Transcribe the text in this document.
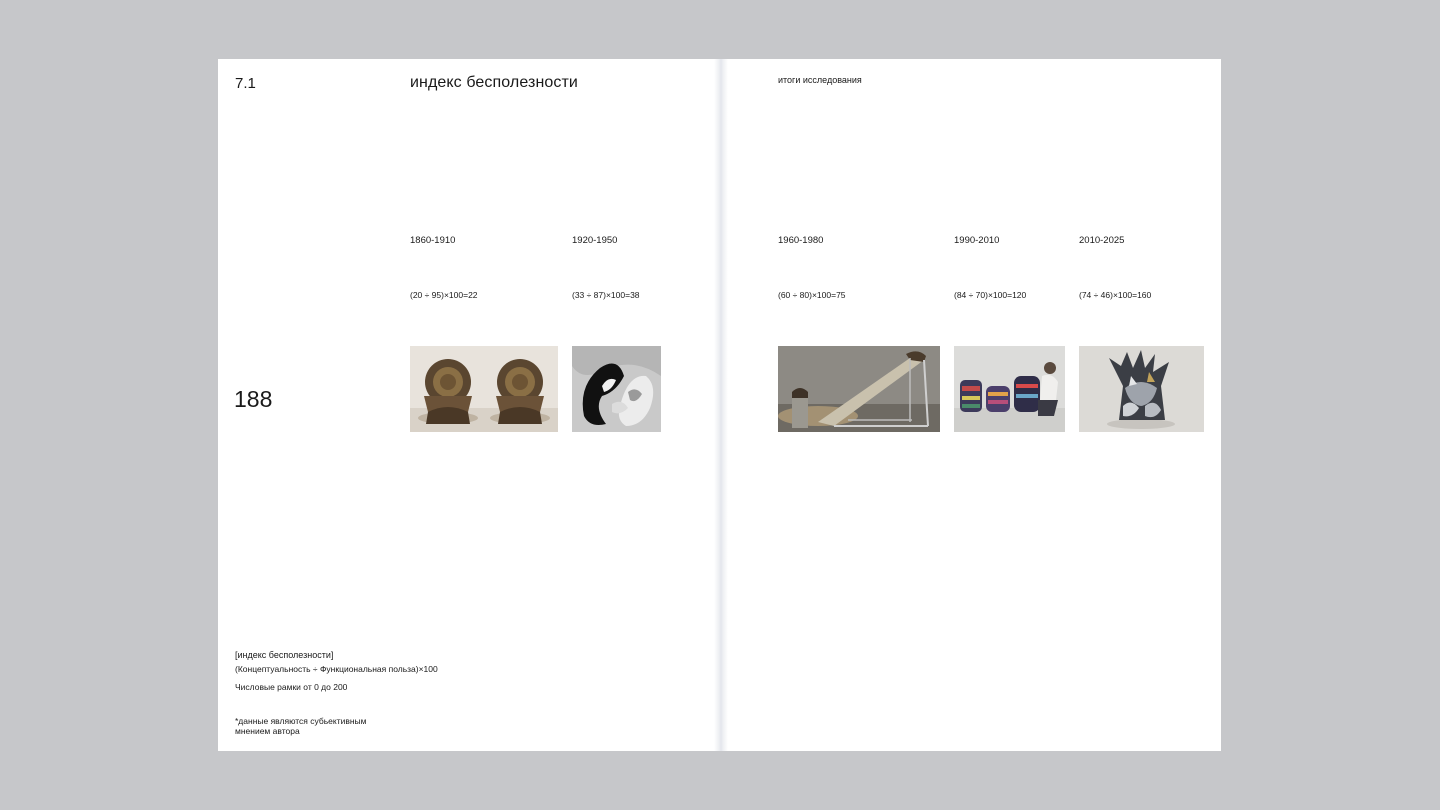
7.1	индекс бесполезности
188
1860-1910
(20 ÷ 95)×100=22
1920-1950
(33 ÷ 87)×100=38
[индекс бесполезности]
(Концептуальность ÷ Функциональная польза)×100
Числовые рамки от 0 до 200
*данные являются субьективным
мнением автора
итоги исследования
1960-1980
(60 ÷ 80)×100=75
1990-2010
(84 ÷ 70)×100=120
2010-2025
(74 ÷ 46)×100=160
